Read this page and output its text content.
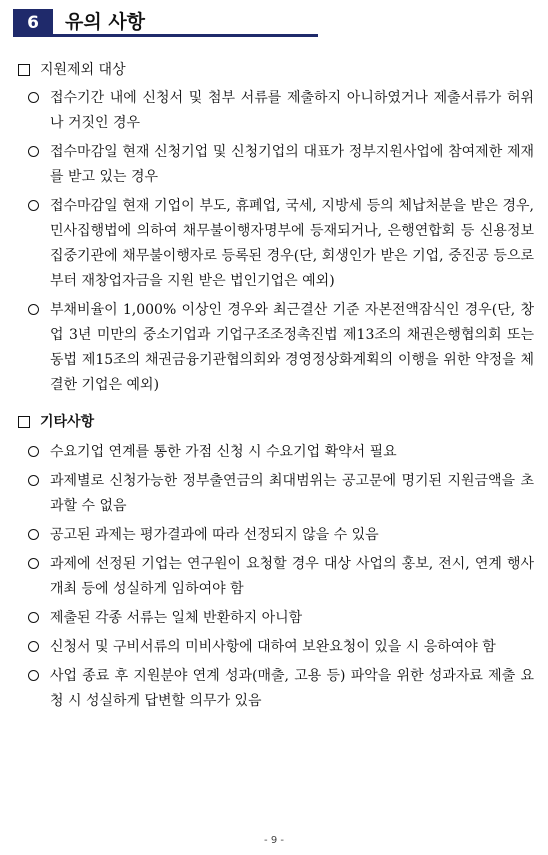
6	유의 사항
지원제외 대상
접수기간 내에 신청서 및 첨부 서류를 제출하지 아니하였거나 제출서류가 허위나 거짓인 경우
접수마감일 현재 신청기업 및 신청기업의 대표가 정부지원사업에 참여제한 제재를 받고 있는 경우
접수마감일 현재 기업이 부도, 휴폐업, 국세, 지방세 등의 체납처분을 받은 경우, 민사집행법에 의하여 채무불이행자명부에 등재되거나, 은행연합회 등 신용정보 집중기관에 채무불이행자로 등록된 경우(단, 회생인가 받은 기업, 중진공 등으로부터 재창업자금을 지원 받은 법인기업은 예외)
부채비율이 1,000% 이상인 경우와 최근결산 기준 자본전액잠식인 경우(단, 창업 3년 미만의 중소기업과 기업구조조정촉진법 제13조의 채권은행협의회 또는 동법 제15조의 채권금융기관협의회와 경영정상화계획의 이행을 위한 약정을 체결한 기업은 예외)
기타사항
수요기업 연계를 통한 가점 신청 시 수요기업 확약서 필요
과제별로 신청가능한 정부출연금의 최대범위는 공고문에 명기된 지원금액을 초과할 수 없음
공고된 과제는 평가결과에 따라 선정되지 않을 수 있음
과제에 선정된 기업는 연구원이 요청할 경우 대상 사업의 홍보, 전시, 연계 행사 개최 등에 성실하게 임하여야 함
제출된 각종 서류는 일체 반환하지 아니함
신청서 및 구비서류의 미비사항에 대하여 보완요청이 있을 시 응하여야 함
사업 종료 후 지원분야 연계 성과(매출, 고용 등) 파악을 위한 성과자료 제출 요청 시 성실하게 답변할 의무가 있음
- 9 -
